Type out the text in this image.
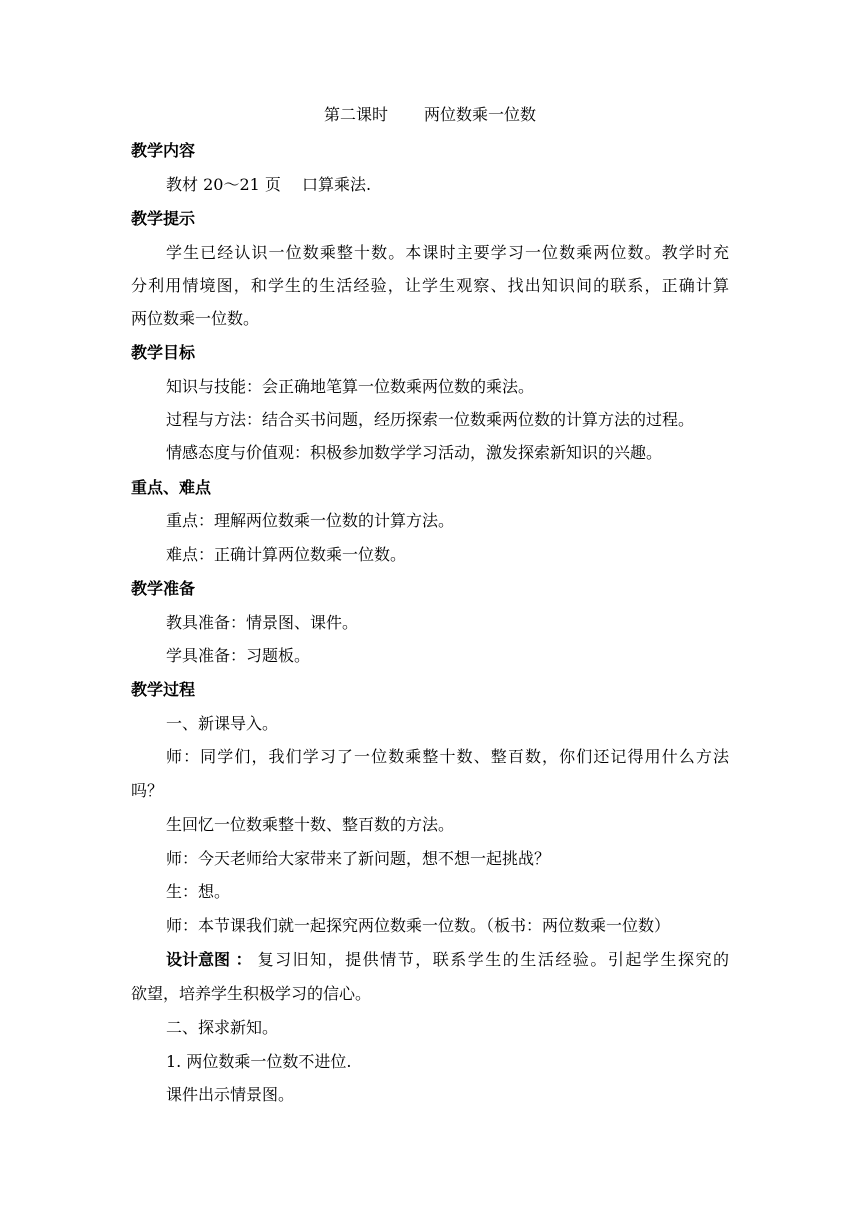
第二课时 两位数乘一位数
教学内容
教材 20～21 页　 口算乘法.
教学提示
学生已经认识一位数乘整十数。本课时主要学习一位数乘两位数。教学时充
分利用情境图，和学生的生活经验，让学生观察、找出知识间的联系，正确计算
两位数乘一位数。
教学目标
知识与技能：会正确地笔算一位数乘两位数的乘法。
过程与方法：结合买书问题，经历探索一位数乘两位数的计算方法的过程。
情感态度与价值观：积极参加数学学习活动，激发探索新知识的兴趣。
重点、难点
重点：理解两位数乘一位数的计算方法。
难点：正确计算两位数乘一位数。
教学准备
教具准备：情景图、课件。
学具准备：习题板。
教学过程
一、新课导入。
师：同学们，我们学习了一位数乘整十数、整百数，你们还记得用什么方法
吗？
生回忆一位数乘整十数、整百数的方法。
师：今天老师给大家带来了新问题，想不想一起挑战？
生：想。
师：本节课我们就一起探究两位数乘一位数。（板书：两位数乘一位数）
设计意图 ： 复习旧知，提供情节，联系学生的生活经验。引起学生探究的
欲望，培养学生积极学习的信心。
二、探求新知。
1. 两位数乘一位数不进位.
课件出示情景图。
